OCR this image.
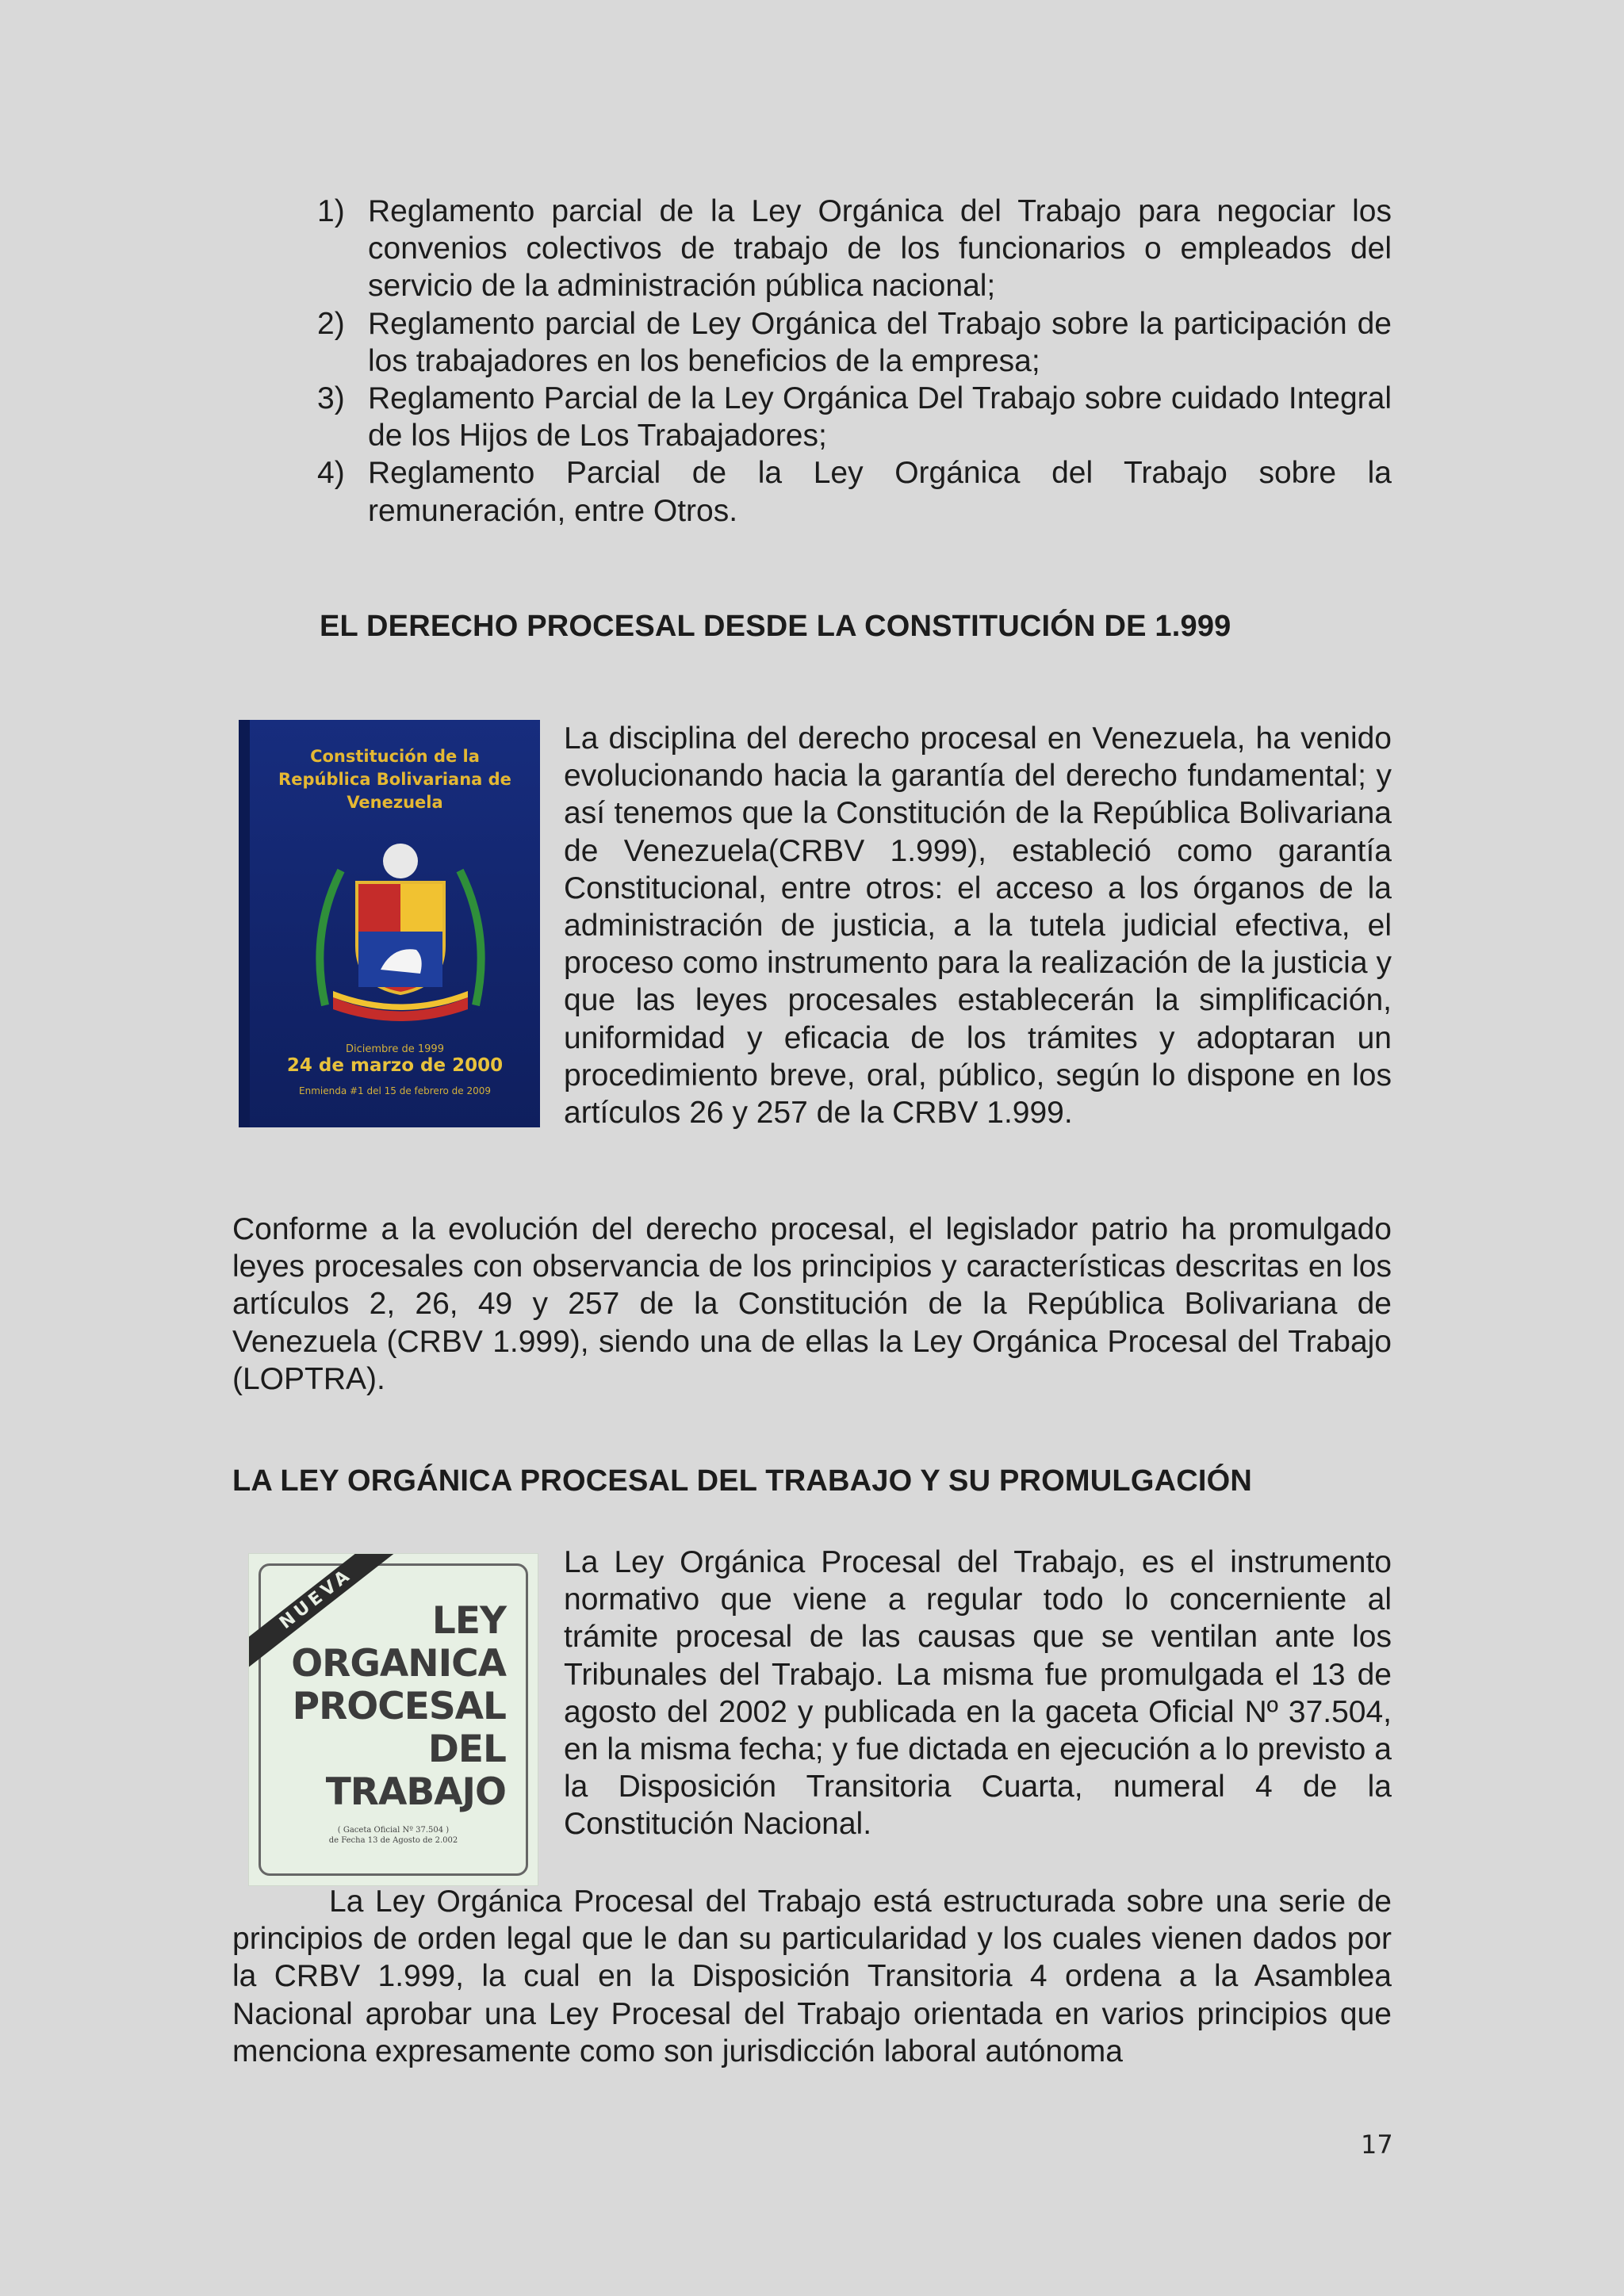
1) Reglamento parcial de la Ley Orgánica del Trabajo para negociar los convenios colectivos de trabajo de los funcionarios o empleados del servicio de la administración pública nacional;
2) Reglamento parcial de Ley Orgánica del Trabajo sobre la participación de los trabajadores en los beneficios de la empresa;
3) Reglamento Parcial de la Ley Orgánica Del Trabajo sobre cuidado Integral de los Hijos de Los Trabajadores;
4) Reglamento Parcial de la Ley Orgánica del Trabajo sobre la remuneración, entre Otros.
EL DERECHO PROCESAL DESDE LA CONSTITUCIÓN DE 1.999
Constitución de la
República Bolivariana de
Venezuela
Diciembre de 1999
24 de marzo de 2000
Enmienda #1 del 15 de febrero de 2009
La disciplina del derecho procesal en Venezuela, ha venido evolucionando hacia la garantía del derecho fundamental; y así tenemos que la Constitución de la República Bolivariana de Venezuela(CRBV 1.999), estableció como garantía Constitucional, entre otros: el acceso a los órganos de la administración de justicia, a la tutela judicial efectiva, el proceso como instrumento para la realización de la justicia y que las leyes procesales establecerán la simplificación, uniformidad y eficacia de los trámites y adoptaran un procedimiento breve, oral, público, según lo dispone en los artículos 26 y 257 de la CRBV 1.999.

Conforme a la evolución del derecho procesal, el legislador patrio ha promulgado leyes procesales con observancia de los principios y características descritas en los artículos 2, 26, 49 y 257 de la Constitución de la República Bolivariana de Venezuela (CRBV 1.999), siendo una de ellas la Ley Orgánica Procesal del Trabajo (LOPTRA).

LA LEY ORGÁNICA PROCESAL DEL TRABAJO Y SU PROMULGACIÓN
NUEVA	LEY
ORGANICA
PROCESAL
DEL
TRABAJO
( Gaceta Oficial Nº 37.504 )
de Fecha 13 de Agosto de 2.002
La Ley Orgánica Procesal del Trabajo, es el instrumento normativo que viene a regular todo lo concerniente al trámite procesal de las causas que se ventilan ante los Tribunales del Trabajo. La misma fue promulgada el 13 de agosto del 2002 y publicada en la gaceta Oficial Nº 37.504, en la misma fecha; y fue dictada en ejecución a lo previsto a la Disposición Transitoria Cuarta, numeral 4 de la Constitución Nacional.

La Ley Orgánica Procesal del Trabajo está estructurada sobre una serie de principios de orden legal que le dan su particularidad y los cuales vienen dados por la CRBV 1.999, la cual en la Disposición Transitoria 4 ordena a la Asamblea Nacional aprobar una Ley Procesal del Trabajo orientada en varios principios que menciona expresamente como son jurisdicción laboral autónoma

17
